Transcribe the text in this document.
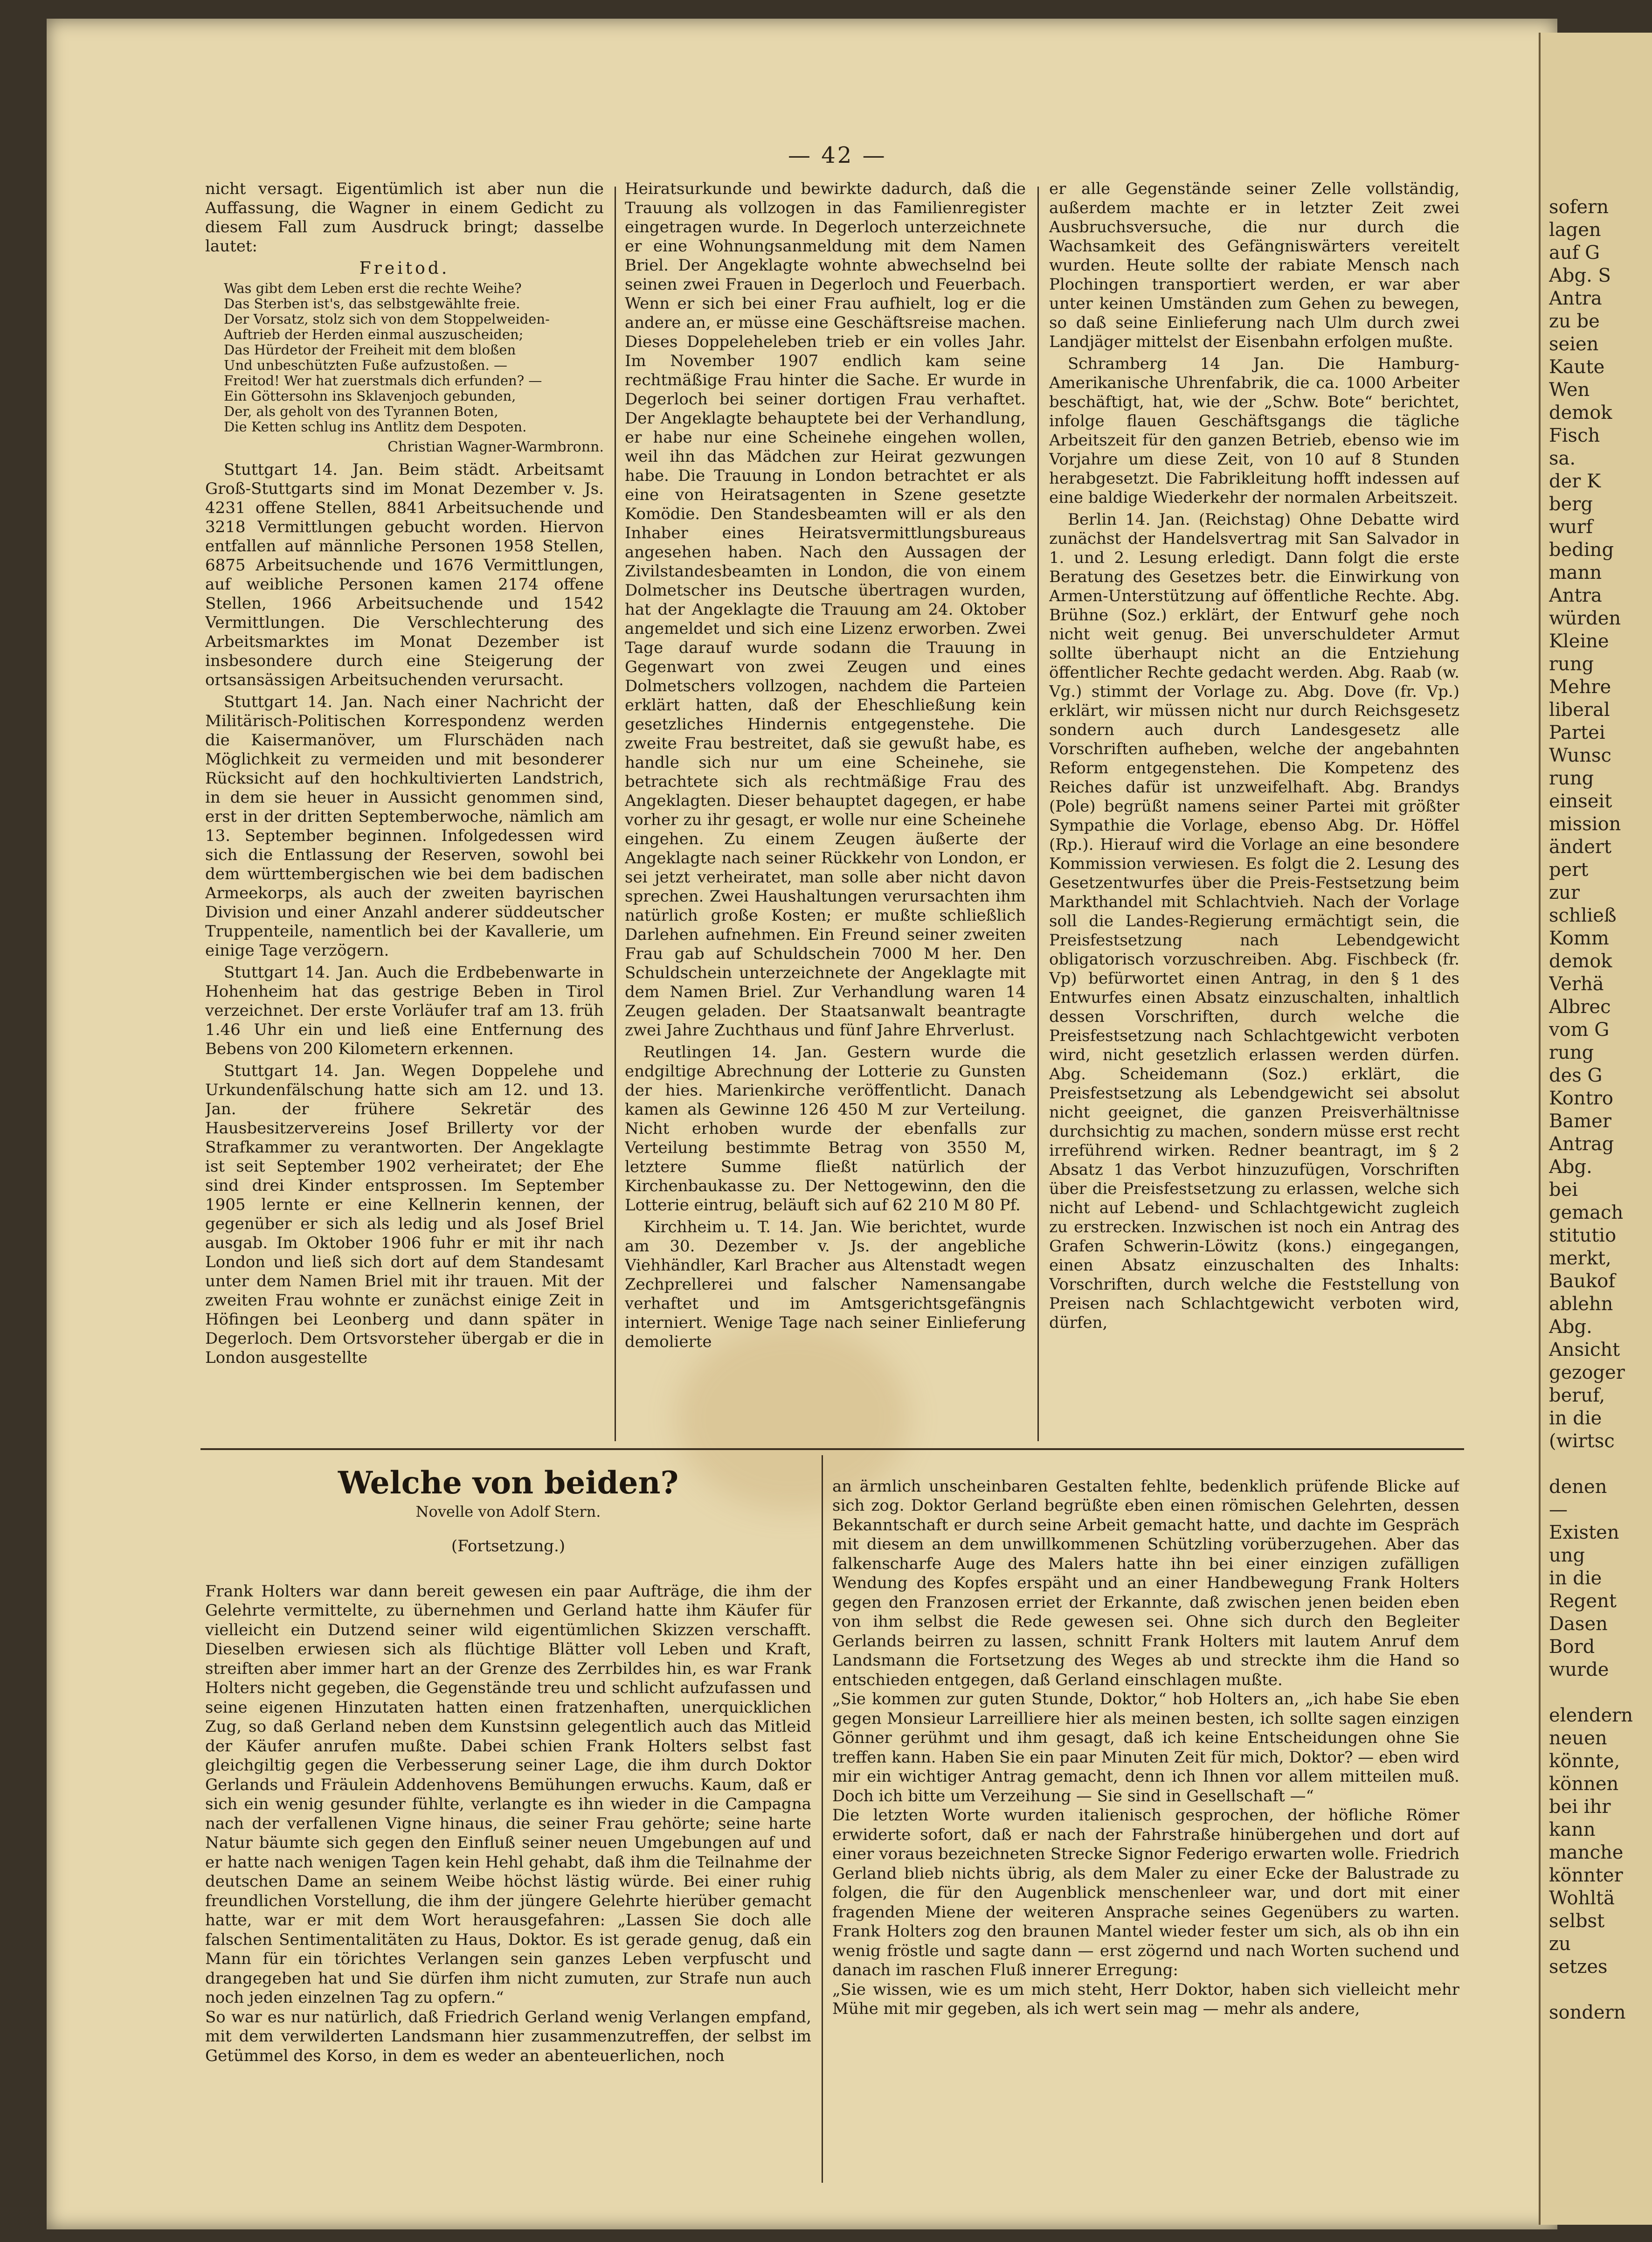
— 42 —

nicht versagt. Eigentümlich ist aber nun die Auffassung, die Wagner in einem Gedicht zu diesem Fall zum Ausdruck bringt; dasselbe lautet:

Freitod.
Was gibt dem Leben erst die rechte Weihe?
Das Sterben ist's, das selbstgewählte freie.
Der Vorsatz, stolz sich von dem Stoppelweiden-
Auftrieb der Herden einmal auszuscheiden;
Das Hürdetor der Freiheit mit dem bloßen
Und unbeschützten Fuße aufzustoßen. —
Freitod! Wer hat zuerstmals dich erfunden? —
Ein Göttersohn ins Sklavenjoch gebunden,
Der, als geholt von des Tyrannen Boten,
Die Ketten schlug ins Antlitz dem Despoten.
Christian Wagner-Warmbronn.

Stuttgart 14. Jan. Beim städt. Arbeitsamt Groß-Stuttgarts sind im Monat Dezember v. Js. 4231 offene Stellen, 8841 Arbeitsuchende und 3218 Vermittlungen gebucht worden. Hiervon entfallen auf männliche Personen 1958 Stellen, 6875 Arbeitsuchende und 1676 Vermittlungen, auf weibliche Personen kamen 2174 offene Stellen, 1966 Arbeitsuchende und 1542 Vermittlungen. Die Verschlechterung des Arbeitsmarktes im Monat Dezember ist insbesondere durch eine Steigerung der ortsansässigen Arbeitsuchenden verursacht.

Stuttgart 14. Jan. Nach einer Nachricht der Militärisch-Politischen Korrespondenz werden die Kaisermanöver, um Flurschäden nach Möglichkeit zu vermeiden und mit besonderer Rücksicht auf den hochkultivierten Landstrich, in dem sie heuer in Aussicht genommen sind, erst in der dritten Septemberwoche, nämlich am 13. September beginnen. Infolgedessen wird sich die Entlassung der Reserven, sowohl bei dem württembergischen wie bei dem badischen Armeekorps, als auch der zweiten bayrischen Division und einer Anzahl anderer süddeutscher Truppenteile, namentlich bei der Kavallerie, um einige Tage verzögern.

Stuttgart 14. Jan. Auch die Erdbebenwarte in Hohenheim hat das gestrige Beben in Tirol verzeichnet. Der erste Vorläufer traf am 13. früh 1.46 Uhr ein und ließ eine Entfernung des Bebens von 200 Kilometern erkennen.

Stuttgart 14. Jan. Wegen Doppelehe und Urkundenfälschung hatte sich am 12. und 13. Jan. der frühere Sekretär des Hausbesitzervereins Josef Brillerty vor der Strafkammer zu verantworten. Der Angeklagte ist seit September 1902 verheiratet; der Ehe sind drei Kinder entsprossen. Im September 1905 lernte er eine Kellnerin kennen, der gegenüber er sich als ledig und als Josef Briel ausgab. Im Oktober 1906 fuhr er mit ihr nach London und ließ sich dort auf dem Standesamt unter dem Namen Briel mit ihr trauen. Mit der zweiten Frau wohnte er zunächst einige Zeit in Höfingen bei Leonberg und dann später in Degerloch. Dem Ortsvorsteher übergab er die in London ausgestellte

Heiratsurkunde und bewirkte dadurch, daß die Trauung als vollzogen in das Familienregister eingetragen wurde. In Degerloch unterzeichnete er eine Wohnungsanmeldung mit dem Namen Briel. Der Angeklagte wohnte abwechselnd bei seinen zwei Frauen in Degerloch und Feuerbach. Wenn er sich bei einer Frau aufhielt, log er die andere an, er müsse eine Geschäftsreise machen. Dieses Doppeleheleben trieb er ein volles Jahr. Im November 1907 endlich kam seine rechtmäßige Frau hinter die Sache. Er wurde in Degerloch bei seiner dortigen Frau verhaftet. Der Angeklagte behauptete bei der Verhandlung, er habe nur eine Scheinehe eingehen wollen, weil ihn das Mädchen zur Heirat gezwungen habe. Die Trauung in London betrachtet er als eine von Heiratsagenten in Szene gesetzte Komödie. Den Standesbeamten will er als den Inhaber eines Heiratsvermittlungsbureaus angesehen haben. Nach den Aussagen der Zivilstandesbeamten in London, die von einem Dolmetscher ins Deutsche übertragen wurden, hat der Angeklagte die Trauung am 24. Oktober angemeldet und sich eine Lizenz erworben. Zwei Tage darauf wurde sodann die Trauung in Gegenwart von zwei Zeugen und eines Dolmetschers vollzogen, nachdem die Parteien erklärt hatten, daß der Eheschließung kein gesetzliches Hindernis entgegenstehe. Die zweite Frau bestreitet, daß sie gewußt habe, es handle sich nur um eine Scheinehe, sie betrachtete sich als rechtmäßige Frau des Angeklagten. Dieser behauptet dagegen, er habe vorher zu ihr gesagt, er wolle nur eine Scheinehe eingehen. Zu einem Zeugen äußerte der Angeklagte nach seiner Rückkehr von London, er sei jetzt verheiratet, man solle aber nicht davon sprechen. Zwei Haushaltungen verursachten ihm natürlich große Kosten; er mußte schließlich Darlehen aufnehmen. Ein Freund seiner zweiten Frau gab auf Schuldschein 7000 M her. Den Schuldschein unterzeichnete der Angeklagte mit dem Namen Briel. Zur Verhandlung waren 14 Zeugen geladen. Der Staatsanwalt beantragte zwei Jahre Zuchthaus und fünf Jahre Ehrverlust.

Reutlingen 14. Jan. Gestern wurde die endgiltige Abrechnung der Lotterie zu Gunsten der hies. Marienkirche veröffentlicht. Danach kamen als Gewinne 126 450 M zur Verteilung. Nicht erhoben wurde der ebenfalls zur Verteilung bestimmte Betrag von 3550 M, letztere Summe fließt natürlich der Kirchenbaukasse zu. Der Nettogewinn, den die Lotterie eintrug, beläuft sich auf 62 210 M 80 Pf.

Kirchheim u. T. 14. Jan. Wie berichtet, wurde am 30. Dezember v. Js. der angebliche Viehhändler, Karl Bracher aus Altenstadt wegen Zechprellerei und falscher Namensangabe verhaftet und im Amtsgerichtsgefängnis interniert. Wenige Tage nach seiner Einlieferung demolierte

er alle Gegenstände seiner Zelle vollständig, außerdem machte er in letzter Zeit zwei Ausbruchsversuche, die nur durch die Wachsamkeit des Gefängniswärters vereitelt wurden. Heute sollte der rabiate Mensch nach Plochingen transportiert werden, er war aber unter keinen Umständen zum Gehen zu bewegen, so daß seine Einlieferung nach Ulm durch zwei Landjäger mittelst der Eisenbahn erfolgen mußte.

Schramberg 14 Jan. Die Hamburg-Amerikanische Uhrenfabrik, die ca. 1000 Arbeiter beschäftigt, hat, wie der „Schw. Bote“ berichtet, infolge flauen Geschäftsgangs die tägliche Arbeitszeit für den ganzen Betrieb, ebenso wie im Vorjahre um diese Zeit, von 10 auf 8 Stunden herabgesetzt. Die Fabrikleitung hofft indessen auf eine baldige Wiederkehr der normalen Arbeitszeit.

Berlin 14. Jan. (Reichstag) Ohne Debatte wird zunächst der Handelsvertrag mit San Salvador in 1. und 2. Lesung erledigt. Dann folgt die erste Beratung des Gesetzes betr. die Einwirkung von Armen-Unterstützung auf öffentliche Rechte. Abg. Brühne (Soz.) erklärt, der Entwurf gehe noch nicht weit genug. Bei unverschuldeter Armut sollte überhaupt nicht an die Entziehung öffentlicher Rechte gedacht werden. Abg. Raab (w. Vg.) stimmt der Vorlage zu. Abg. Dove (fr. Vp.) erklärt, wir müssen nicht nur durch Reichsgesetz sondern auch durch Landesgesetz alle Vorschriften aufheben, welche der angebahnten Reform entgegenstehen. Die Kompetenz des Reiches dafür ist unzweifelhaft. Abg. Brandys (Pole) begrüßt namens seiner Partei mit größter Sympathie die Vorlage, ebenso Abg. Dr. Höffel (Rp.). Hierauf wird die Vorlage an eine besondere Kommission verwiesen. Es folgt die 2. Lesung des Gesetzentwurfes über die Preis-Festsetzung beim Markthandel mit Schlachtvieh. Nach der Vorlage soll die Landes-Regierung ermächtigt sein, die Preisfestsetzung nach Lebendgewicht obligatorisch vorzuschreiben. Abg. Fischbeck (fr. Vp) befürwortet einen Antrag, in den § 1 des Entwurfes einen Absatz einzuschalten, inhaltlich dessen Vorschriften, durch welche die Preisfestsetzung nach Schlachtgewicht verboten wird, nicht gesetzlich erlassen werden dürfen. Abg. Scheidemann (Soz.) erklärt, die Preisfestsetzung als Lebendgewicht sei absolut nicht geeignet, die ganzen Preisverhältnisse durchsichtig zu machen, sondern müsse erst recht irreführend wirken. Redner beantragt, im § 2 Absatz 1 das Verbot hinzuzufügen, Vorschriften über die Preisfestsetzung zu erlassen, welche sich nicht auf Lebend- und Schlachtgewicht zugleich zu erstrecken. Inzwischen ist noch ein Antrag des Grafen Schwerin-Löwitz (kons.) eingegangen, einen Absatz einzuschalten des Inhalts: Vorschriften, durch welche die Feststellung von Preisen nach Schlachtgewicht verboten wird, dürfen,

Welche von beiden?
Novelle von Adolf Stern.
(Fortsetzung.)

Frank Holters war dann bereit gewesen ein paar Aufträge, die ihm der Gelehrte vermittelte, zu übernehmen und Gerland hatte ihm Käufer für vielleicht ein Dutzend seiner wild eigentümlichen Skizzen verschafft. Dieselben erwiesen sich als flüchtige Blätter voll Leben und Kraft, streiften aber immer hart an der Grenze des Zerrbildes hin, es war Frank Holters nicht gegeben, die Gegenstände treu und schlicht aufzufassen und seine eigenen Hinzutaten hatten einen fratzenhaften, unerquicklichen Zug, so daß Gerland neben dem Kunstsinn gelegentlich auch das Mitleid der Käufer anrufen mußte. Dabei schien Frank Holters selbst fast gleichgiltig gegen die Verbesserung seiner Lage, die ihm durch Doktor Gerlands und Fräulein Addenhovens Bemühungen erwuchs. Kaum, daß er sich ein wenig gesunder fühlte, verlangte es ihn wieder in die Campagna nach der verfallenen Vigne hinaus, die seiner Frau gehörte; seine harte Natur bäumte sich gegen den Einfluß seiner neuen Umgebungen auf und er hatte nach wenigen Tagen kein Hehl gehabt, daß ihm die Teilnahme der deutschen Dame an seinem Weibe höchst lästig würde. Bei einer ruhig freundlichen Vorstellung, die ihm der jüngere Gelehrte hierüber gemacht hatte, war er mit dem Wort herausgefahren: „Lassen Sie doch alle falschen Sentimentalitäten zu Haus, Doktor. Es ist gerade genug, daß ein Mann für ein törichtes Verlangen sein ganzes Leben verpfuscht und drangegeben hat und Sie dürfen ihm nicht zumuten, zur Strafe nun auch noch jeden einzelnen Tag zu opfern.“
So war es nur natürlich, daß Friedrich Gerland wenig Verlangen empfand, mit dem verwilderten Landsmann hier zusammenzutreffen, der selbst im Getümmel des Korso, in dem es weder an abenteuerlichen, noch

an ärmlich unscheinbaren Gestalten fehlte, bedenklich prüfende Blicke auf sich zog. Doktor Gerland begrüßte eben einen römischen Gelehrten, dessen Bekanntschaft er durch seine Arbeit gemacht hatte, und dachte im Gespräch mit diesem an dem unwillkommenen Schützling vorüberzugehen. Aber das falkenscharfe Auge des Malers hatte ihn bei einer einzigen zufälligen Wendung des Kopfes erspäht und an einer Handbewegung Frank Holters gegen den Franzosen erriet der Erkannte, daß zwischen jenen beiden eben von ihm selbst die Rede gewesen sei. Ohne sich durch den Begleiter Gerlands beirren zu lassen, schnitt Frank Holters mit lautem Anruf dem Landsmann die Fortsetzung des Weges ab und streckte ihm die Hand so entschieden entgegen, daß Gerland einschlagen mußte.
„Sie kommen zur guten Stunde, Doktor,“ hob Holters an, „ich habe Sie eben gegen Monsieur Larreilliere hier als meinen besten, ich sollte sagen einzigen Gönner gerühmt und ihm gesagt, daß ich keine Entscheidungen ohne Sie treffen kann. Haben Sie ein paar Minuten Zeit für mich, Doktor? — eben wird mir ein wichtiger Antrag gemacht, denn ich Ihnen vor allem mitteilen muß. Doch ich bitte um Verzeihung — Sie sind in Gesellschaft —“
Die letzten Worte wurden italienisch gesprochen, der höfliche Römer erwiderte sofort, daß er nach der Fahrstraße hinübergehen und dort auf einer voraus bezeichneten Strecke Signor Federigo erwarten wolle. Friedrich Gerland blieb nichts übrig, als dem Maler zu einer Ecke der Balustrade zu folgen, die für den Augenblick menschenleer war, und dort mit einer fragenden Miene der weiteren Ansprache seines Gegenübers zu warten. Frank Holters zog den braunen Mantel wieder fester um sich, als ob ihn ein wenig fröstle und sagte dann — erst zögernd und nach Worten suchend und danach im raschen Fluß innerer Erregung:
„Sie wissen, wie es um mich steht, Herr Doktor, haben sich vielleicht mehr Mühe mit mir gegeben, als ich wert sein mag — mehr als andere,

sofern
lagen
auf G
Abg. S
Antra
zu be
seien
Kaute
Wen
demok
Fisch
sa.
der K
berg
wurf
beding
mann
Antra
würden
Kleine
rung
Mehre
liberal
Partei
Wunsc
rung
einseit
mission
ändert
pert
zur
schließ
Komm
demok
Verhä
Albrec
vom G
rung
des G
Kontro
Bamer
Antrag
Abg.
bei
gemach
stitutio
merkt,
Baukof
ablehn
Abg.
Ansicht
gezoger
beruf,
in die
(wirtsc

denen
—
Existen
ung
in die
Regent
Dasen
Bord
wurde

elendern
neuen
könnte,
können
bei ihr
kann
manche
könnter
Wohltä
selbst
zu
setzes

sondern
